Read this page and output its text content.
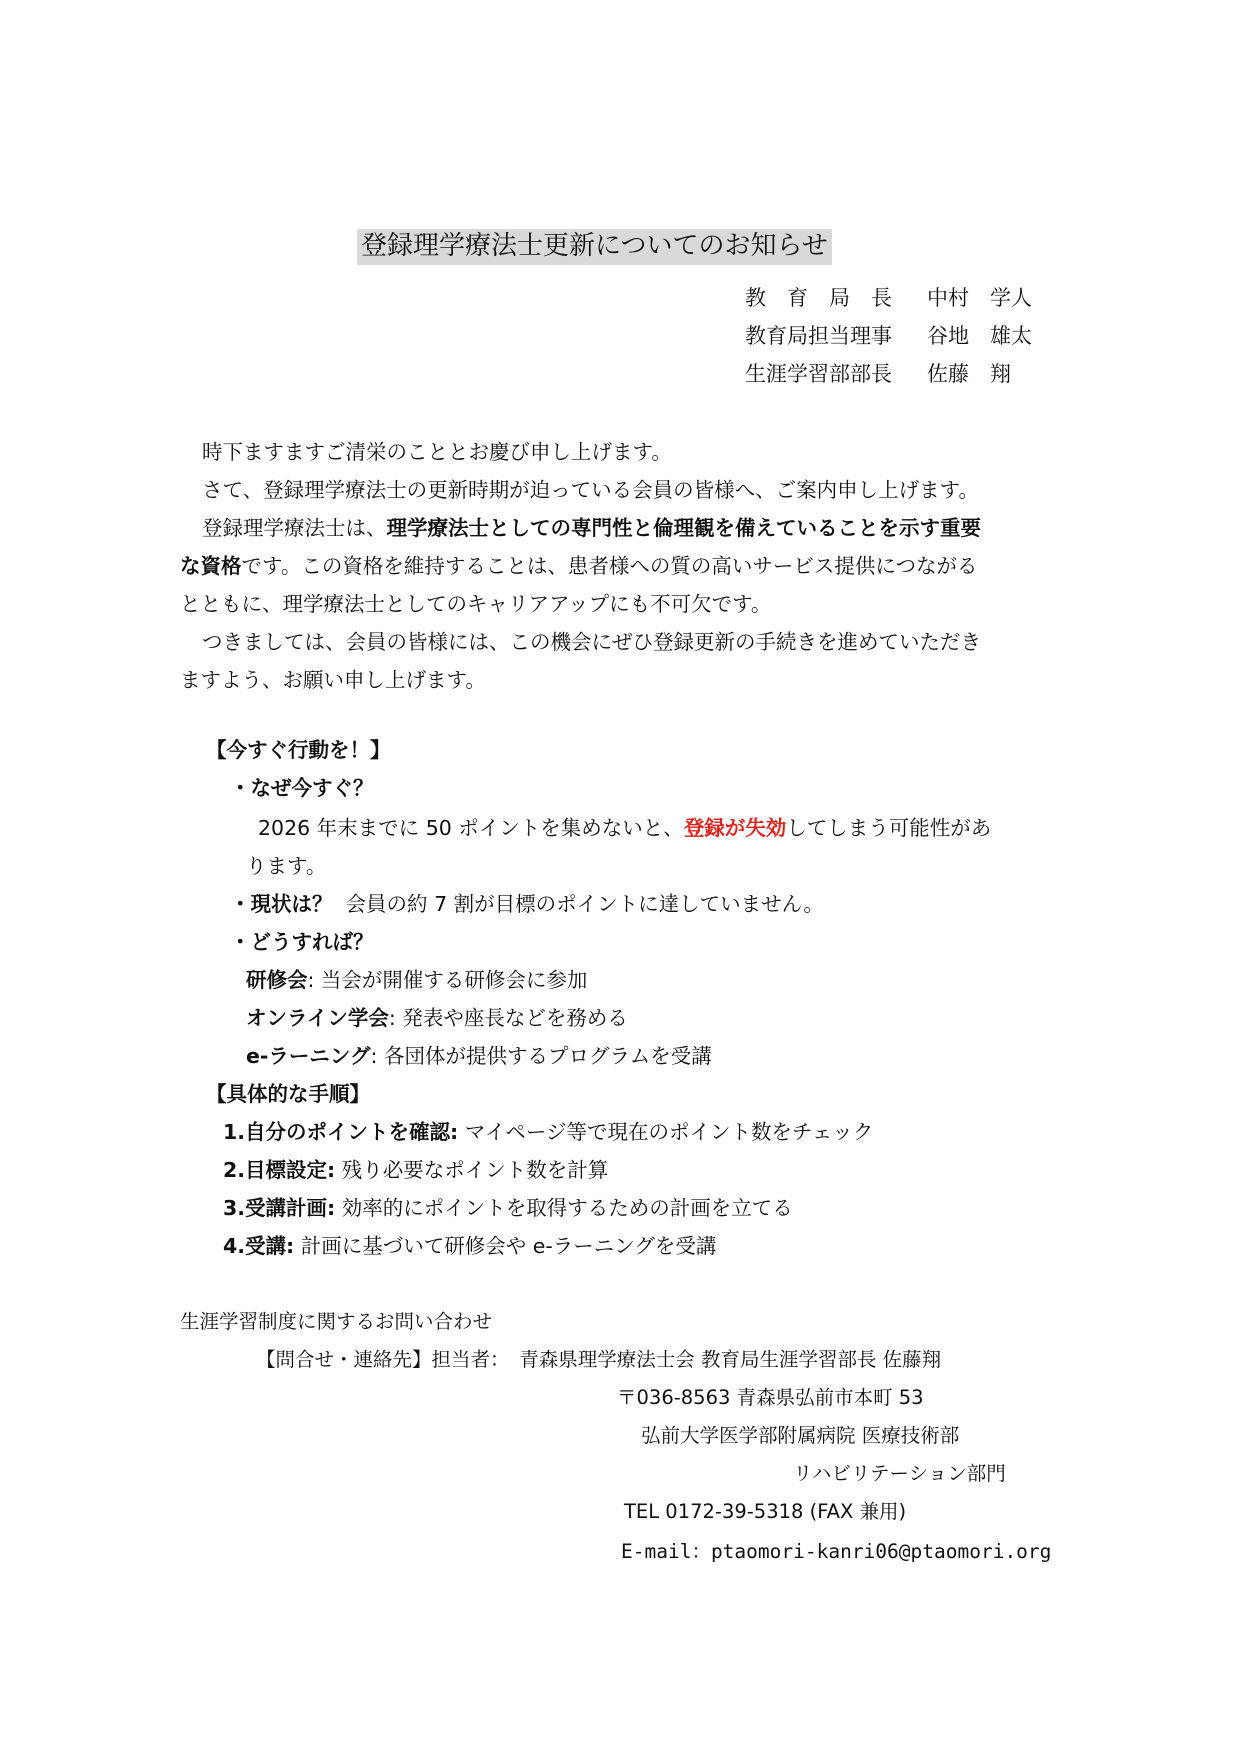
登録理学療法士更新についてのお知らせ
教　育　局　長 中村　学人
教育局担当理事 谷地　雄太
生涯学習部部長 佐藤　翔
時下ますますご清栄のこととお慶び申し上げます。
さて、登録理学療法士の更新時期が迫っている会員の皆様へ、ご案内申し上げます。
登録理学療法士は、理学療法士としての専門性と倫理観を備えていることを示す重要
な資格です。この資格を維持することは、患者様への質の高いサービス提供につながる
とともに、理学療法士としてのキャリアアップにも不可欠です。
つきましては、会員の皆様には、この機会にぜひ登録更新の手続きを進めていただき
ますよう、お願い申し上げます。
【今すぐ行動を！】
・なぜ今すぐ？
2026 年末までに 50 ポイントを集めないと、登録が失効してしまう可能性があ
ります。
・現状は？ 会員の約 7 割が目標のポイントに達していません。
・どうすれば？
研修会: 当会が開催する研修会に参加
オンライン学会: 発表や座長などを務める
e-ラーニング: 各団体が提供するプログラムを受講
【具体的な手順】
1.自分のポイントを確認: マイページ等で現在のポイント数をチェック
2.目標設定: 残り必要なポイント数を計算
3.受講計画: 効率的にポイントを取得するための計画を立てる
4.受講: 計画に基づいて研修会や e-ラーニングを受講
生涯学習制度に関するお問い合わせ
【問合せ・連絡先】担当者：　青森県理学療法士会 教育局生涯学習部長 佐藤翔
〒036-8563 青森県弘前市本町 53
弘前大学医学部附属病院 医療技術部
リハビリテーション部門
TEL 0172-39-5318 (FAX 兼用)
E-mail：ptaomori-kanri06@ptaomori.org
